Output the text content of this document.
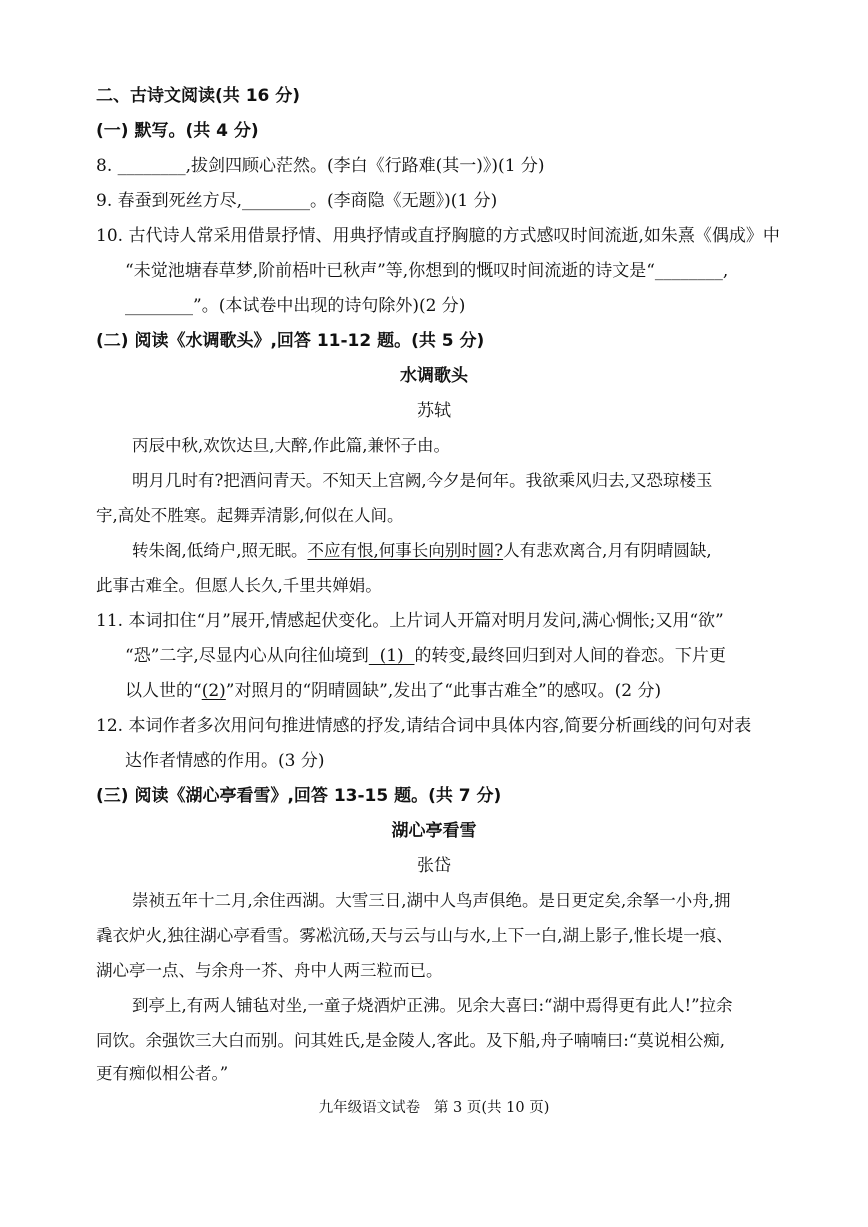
二、古诗文阅读(共 16 分)
(一) 默写。(共 4 分)
8. ________,拔剑四顾心茫然。(李白《行路难(其一)》)(1 分)
9. 春蚕到死丝方尽,________。(李商隐《无题》)(1 分)
10. 古代诗人常采用借景抒情、用典抒情或直抒胸臆的方式感叹时间流逝,如朱熹《偶成》中
“未觉池塘春草梦,阶前梧叶已秋声”等,你想到的慨叹时间流逝的诗文是“________,
________”。(本试卷中出现的诗句除外)(2 分)
(二) 阅读《水调歌头》,回答 11-12 题。(共 5 分)
水调歌头
苏轼
丙辰中秋,欢饮达旦,大醉,作此篇,兼怀子由。
明月几时有?把酒问青天。不知天上宫阙,今夕是何年。我欲乘风归去,又恐琼楼玉
宇,高处不胜寒。起舞弄清影,何似在人间。
转朱阁,低绮户,照无眠。不应有恨,何事长向别时圆?人有悲欢离合,月有阴晴圆缺,
此事古难全。但愿人长久,千里共婵娟。
11. 本词扣住“月”展开,情感起伏变化。上片词人开篇对明月发问,满心惆怅;又用“欲”
“恐”二字,尽显内心从向往仙境到  (1)  的转变,最终回归到对人间的眷恋。下片更
以人世的“(2)”对照月的“阴晴圆缺”,发出了“此事古难全”的感叹。(2 分)
12. 本词作者多次用问句推进情感的抒发,请结合词中具体内容,简要分析画线的问句对表
达作者情感的作用。(3 分)
(三) 阅读《湖心亭看雪》,回答 13-15 题。(共 7 分)
湖心亭看雪
张岱
崇祯五年十二月,余住西湖。大雪三日,湖中人鸟声俱绝。是日更定矣,余拏一小舟,拥
毳衣炉火,独往湖心亭看雪。雾凇沆砀,天与云与山与水,上下一白,湖上影子,惟长堤一痕、
湖心亭一点、与余舟一芥、舟中人两三粒而已。
到亭上,有两人铺毡对坐,一童子烧酒炉正沸。见余大喜曰:“湖中焉得更有此人!”拉余
同饮。余强饮三大白而别。问其姓氏,是金陵人,客此。及下船,舟子喃喃曰:“莫说相公痴,
更有痴似相公者。”
九年级语文试卷   第 3 页(共 10 页)
